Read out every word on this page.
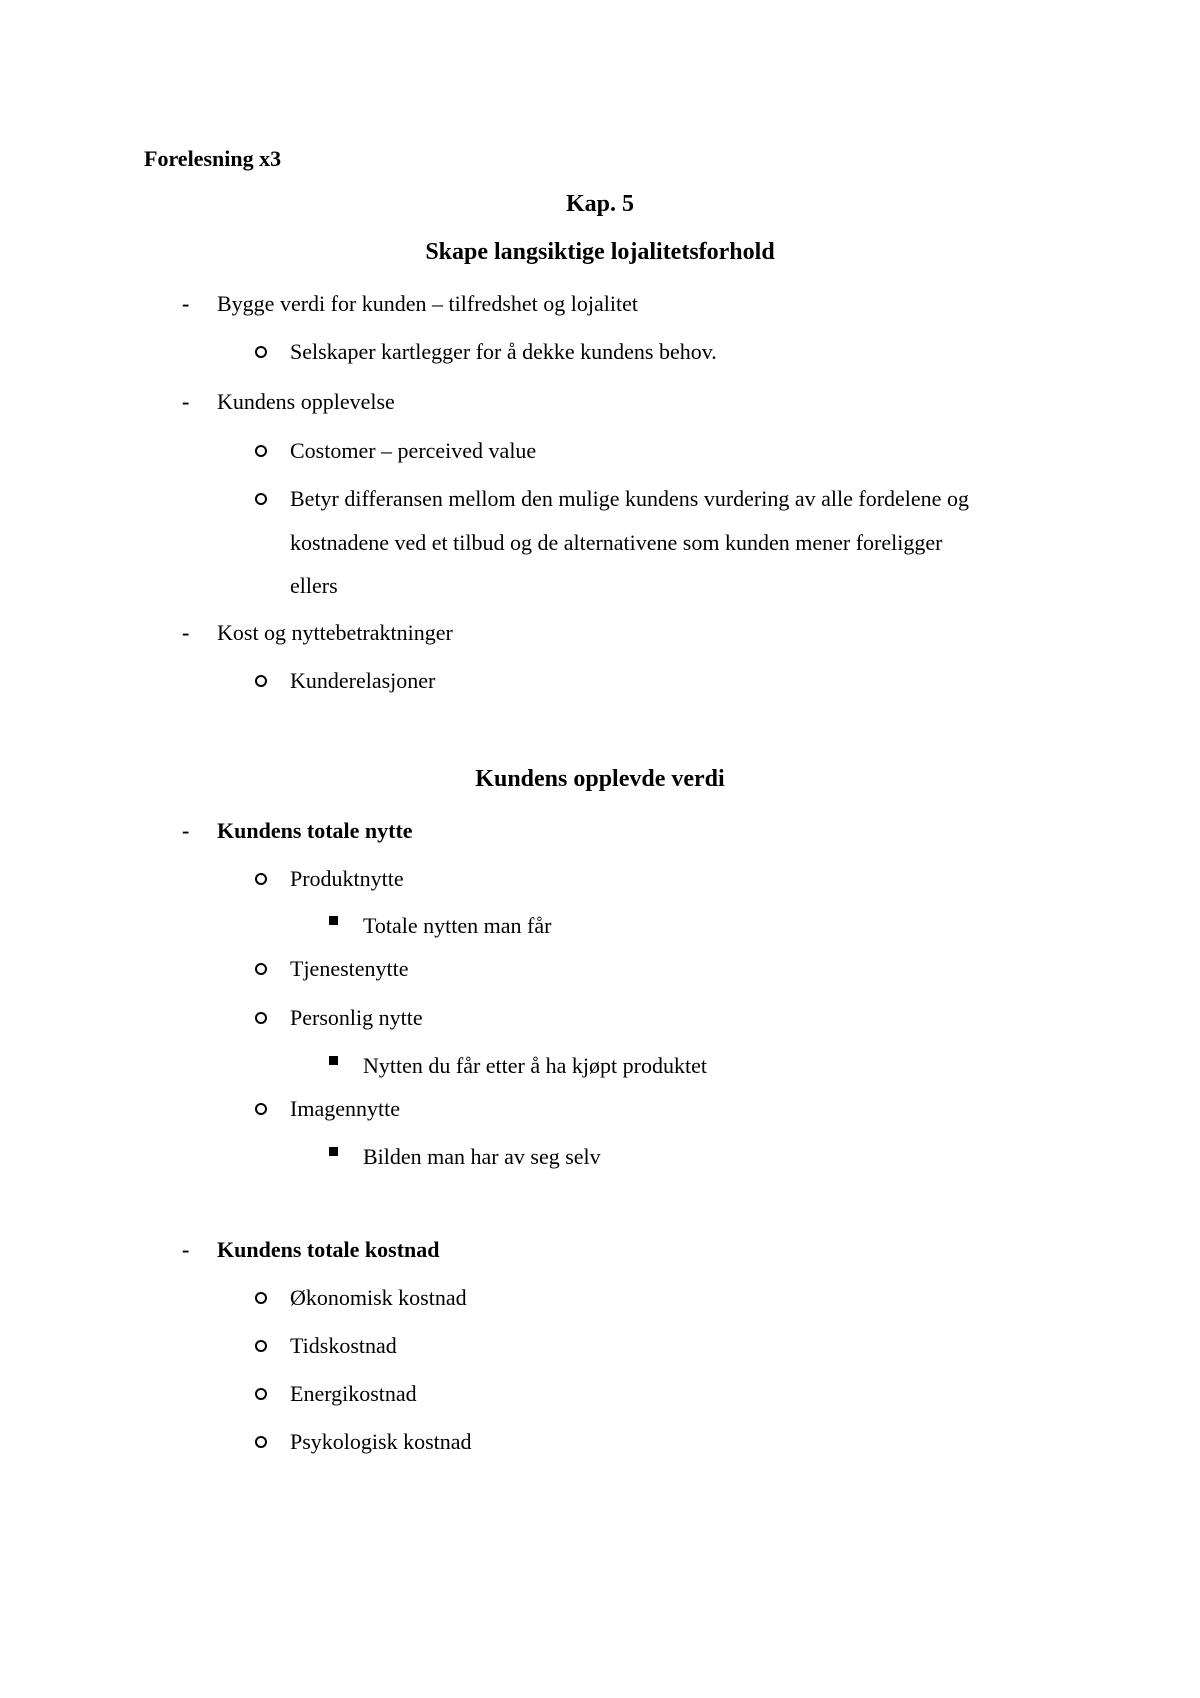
Forelesning x3
Kap. 5
Skape langsiktige lojalitetsforhold
- Bygge verdi for kunden – tilfredshet og lojalitet
Selskaper kartlegger for å dekke kundens behov.
- Kundens opplevelse
Costomer – perceived value
Betyr differansen mellom den mulige kundens vurdering av alle fordelene og
kostnadene ved et tilbud og de alternativene som kunden mener foreligger
ellers
- Kost og nyttebetraktninger
Kunderelasjoner
Kundens opplevde verdi
- Kundens totale nytte
Produktnytte
Totale nytten man får
Tjenestenytte
Personlig nytte
Nytten du får etter å ha kjøpt produktet
Imagennytte
Bilden man har av seg selv
- Kundens totale kostnad
Økonomisk kostnad
Tidskostnad
Energikostnad
Psykologisk kostnad
